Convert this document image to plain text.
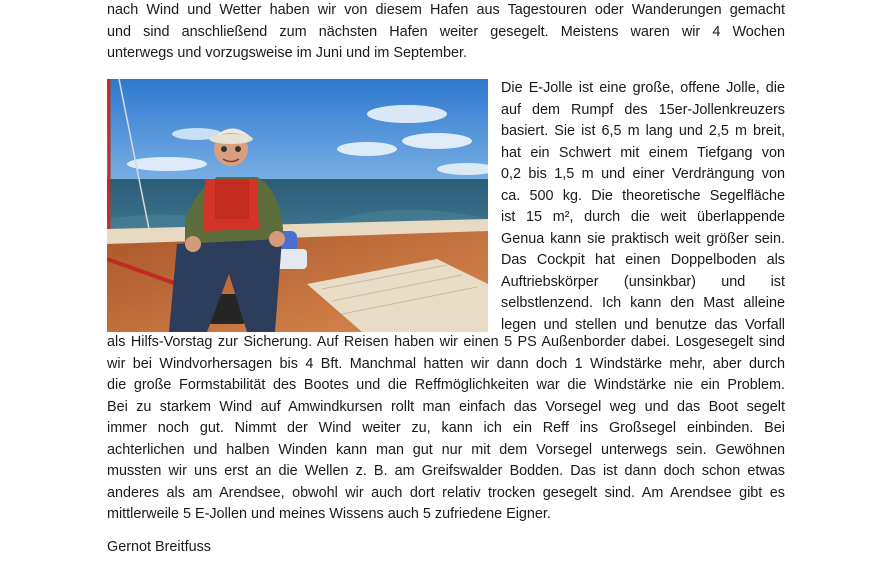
nach Wind und Wetter haben wir von diesem Hafen aus Tagestouren oder Wanderungen gemacht
und sind anschließend zum nächsten Hafen weiter gesegelt. Meistens waren wir 4 Wochen
unterwegs und vorzugsweise im Juni und im September.
Die E-Jolle ist eine große, offene Jolle, die
auf dem Rumpf des 15er-Jollenkreuzers
basiert. Sie ist 6,5 m lang und 2,5 m breit,
hat ein Schwert mit einem Tiefgang von
0,2 bis 1,5 m und einer Verdrängung von
ca. 500 kg. Die theoretische Segelfläche
ist 15 m², durch die weit überlappende
Genua kann sie praktisch weit größer sein.
Das Cockpit hat einen Doppelboden als
Auftriebskörper (unsinkbar) und ist
selbstlenzend. Ich kann den Mast alleine
legen und stellen und benutze das Vorfall
als Hilfs-Vorstag zur Sicherung. Auf Reisen haben wir einen 5 PS Außenborder dabei. Losgesegelt sind
wir bei Windvorhersagen bis 4 Bft. Manchmal hatten wir dann doch 1 Windstärke mehr, aber durch
die große Formstabilität des Bootes und die Reffmöglichkeiten war die Windstärke nie ein Problem.
Bei zu starkem Wind auf Amwindkursen rollt man einfach das Vorsegel weg und das Boot segelt
immer noch gut. Nimmt der Wind weiter zu, kann ich ein Reff ins Großsegel einbinden. Bei
achterlichen und halben Winden kann man gut nur mit dem Vorsegel unterwegs sein. Gewöhnen
mussten wir uns erst an die Wellen z. B. am Greifswalder Bodden. Das ist dann doch schon etwas
anderes als am Arendsee, obwohl wir auch dort relativ trocken gesegelt sind. Am Arendsee gibt es
mittlerweile 5 E-Jollen und meines Wissens auch 5 zufriedene Eigner.
Gernot Breitfuss
